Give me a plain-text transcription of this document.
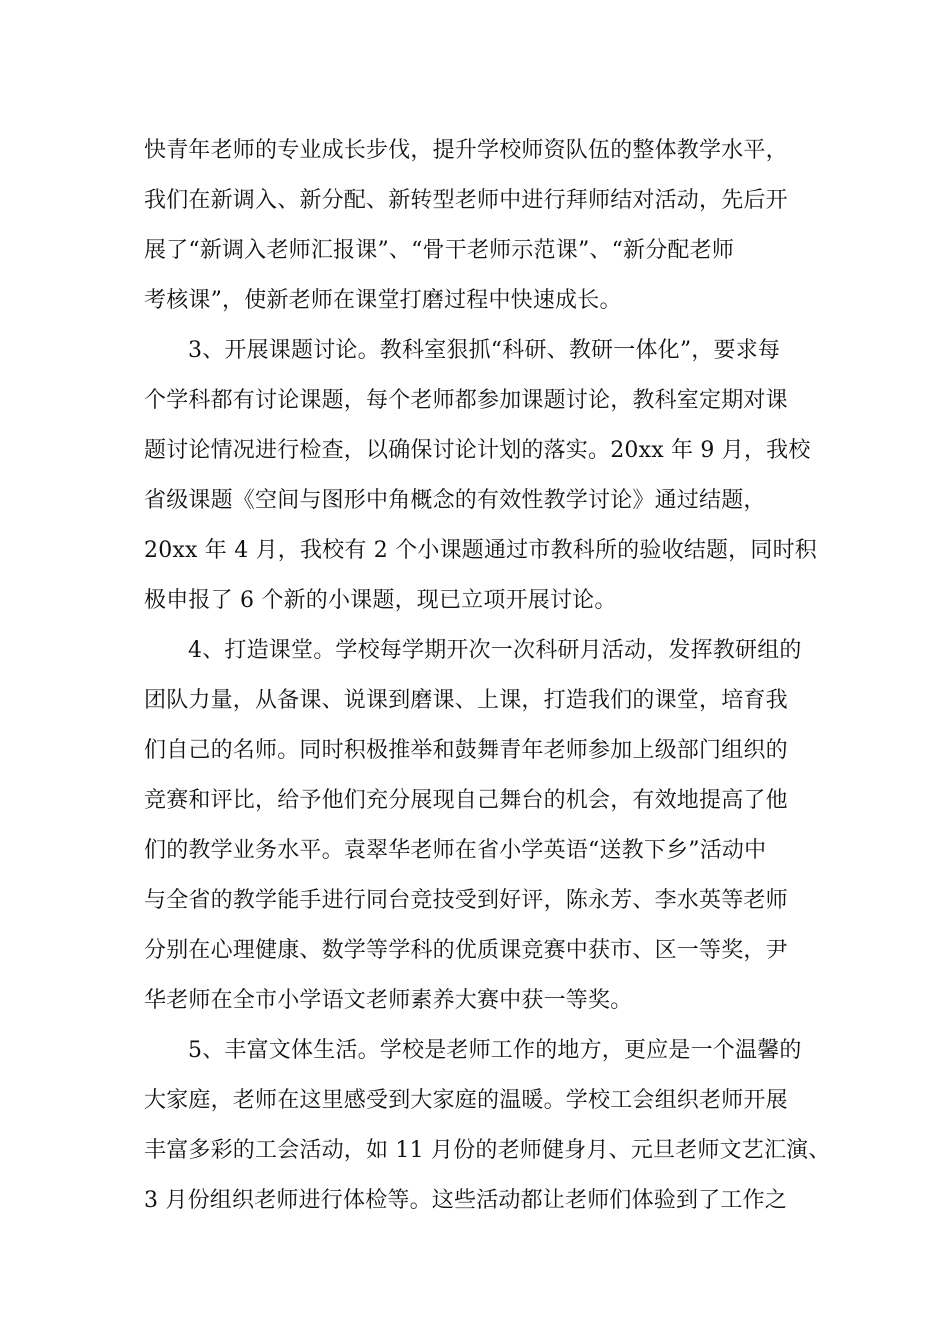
快青年老师的专业成长步伐，提升学校师资队伍的整体教学水平，
我们在新调入、新分配、新转型老师中进行拜师结对活动，先后开
展了“新调入老师汇报课”、“骨干老师示范课”、“新分配老师
考核课”，使新老师在课堂打磨过程中快速成长。
3、开展课题讨论。教科室狠抓“科研、教研一体化”，要求每
个学科都有讨论课题，每个老师都参加课题讨论，教科室定期对课
题讨论情况进行检查，以确保讨论计划的落实。20xx 年 9 月，我校
省级课题《空间与图形中角概念的有效性教学讨论》通过结题，
20xx 年 4 月，我校有 2 个小课题通过市教科所的验收结题，同时积
极申报了 6 个新的小课题，现已立项开展讨论。
4、打造课堂。学校每学期开次一次科研月活动，发挥教研组的
团队力量，从备课、说课到磨课、上课，打造我们的课堂，培育我
们自己的名师。同时积极推举和鼓舞青年老师参加上级部门组织的
竞赛和评比，给予他们充分展现自己舞台的机会，有效地提高了他
们的教学业务水平。袁翠华老师在省小学英语“送教下乡”活动中
与全省的教学能手进行同台竞技受到好评，陈永芳、李水英等老师
分别在心理健康、数学等学科的优质课竞赛中获市、区一等奖，尹
华老师在全市小学语文老师素养大赛中获一等奖。
5、丰富文体生活。学校是老师工作的地方，更应是一个温馨的
大家庭，老师在这里感受到大家庭的温暖。学校工会组织老师开展
丰富多彩的工会活动，如 11 月份的老师健身月、元旦老师文艺汇演、
3 月份组织老师进行体检等。这些活动都让老师们体验到了工作之
